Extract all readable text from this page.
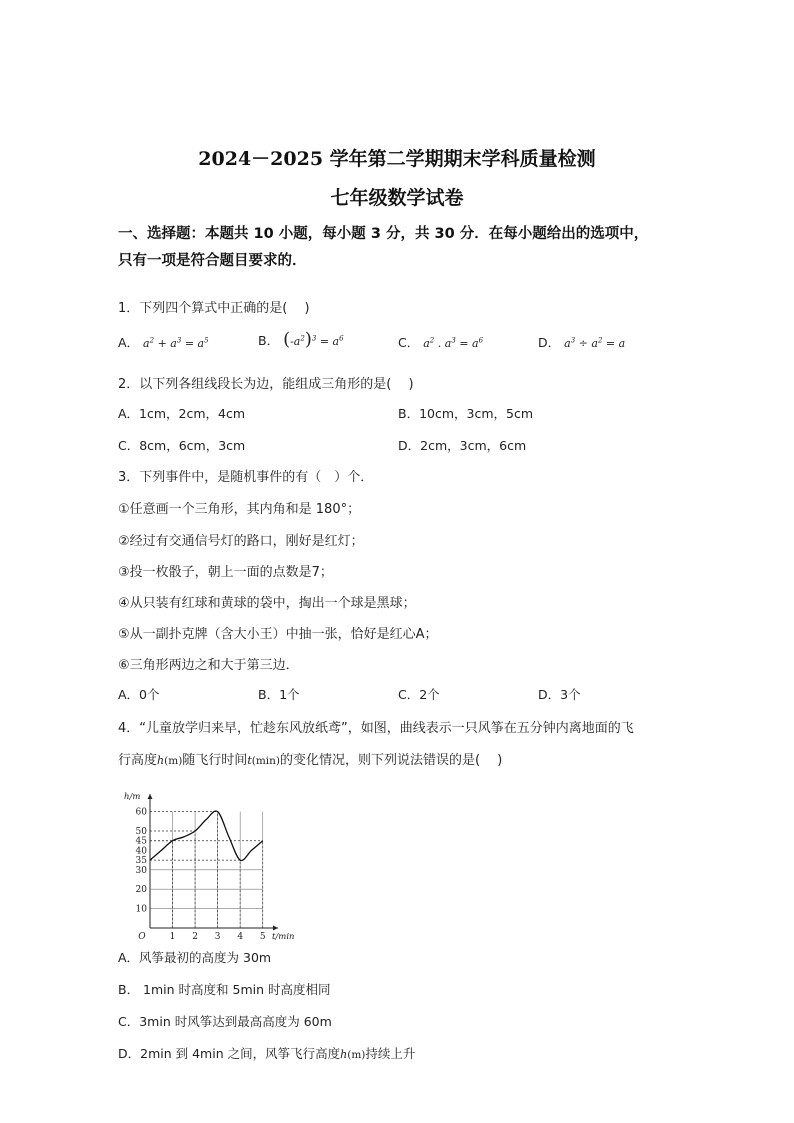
2024－2025 学年第二学期期末学科质量检测
七年级数学试卷
一、选择题：本题共 10 小题，每小题 3 分，共 30 分．在每小题给出的选项中，
只有一项是符合题目要求的．
1．下列四个算式中正确的是(　 )
A． $a^2 + a^3 = a^5$	B． $(-a^2)^3 = a^6$	C． $a^2$ . $a^3 = a^6$	D． $a^3 \div a^2 = a$
2．以下列各组线段长为边，能组成三角形的是(　 )
A．1cm，2cm，4cm	B．10cm，3cm，5cm
C．8cm，6cm，3cm	D．2cm，3cm，6cm
3．下列事件中，是随机事件的有（　）个．
①任意画一个三角形，其内角和是 180°；
②经过有交通信号灯的路口，刚好是红灯；
③投一枚骰子，朝上一面的点数是7；
④从只装有红球和黄球的袋中，掏出一个球是黑球；
⑤从一副扑克牌（含大小王）中抽一张，恰好是红心A；
⑥三角形两边之和大于第三边．
A．0个	B．1个	C．2个	D．3个
4．“儿童放学归来早，忙趁东风放纸鸢”，如图，曲线表示一只风筝在五分钟内离地面的飞
行高度h(m)随飞行时间t(min)的变化情况，则下列说法错误的是(　 )
1 2 3 4 5
10
20
30
35
40
45
50
60
O
h/m
t/min
A．风筝最初的高度为 30m
B． 1min 时高度和 5min 时高度相同
C．3min 时风筝达到最高高度为 60m
D．2min 到 4min 之间，风筝飞行高度h(m)持续上升
